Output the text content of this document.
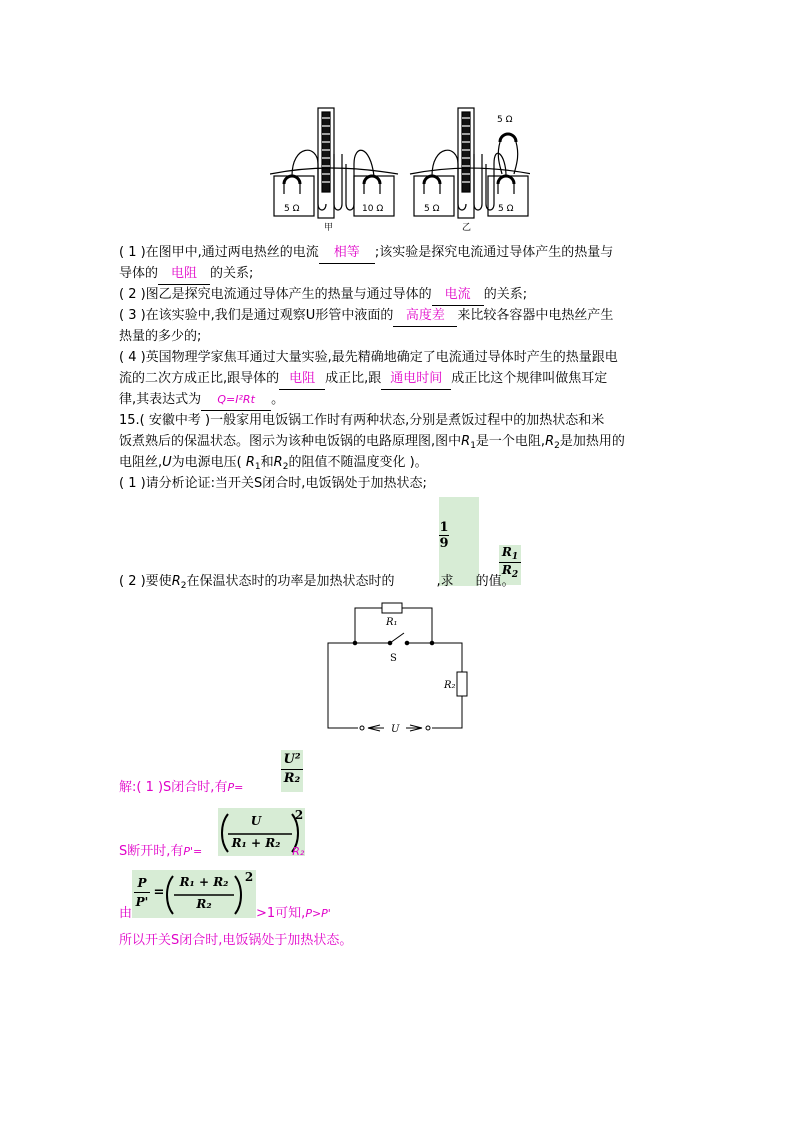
5 Ω	10 Ω
甲
5 Ω
5 Ω	5 Ω
乙
( 1 )在图甲中,通过两电热丝的电流 相等 ;该实验是探究电流通过导体产生的热量与
导体的 电阻 的关系;
( 2 )图乙是探究电流通过导体产生的热量与通过导体的 电流 的关系;
( 3 )在该实验中,我们是通过观察U形管中液面的 高度差 来比较各容器中电热丝产生
热量的多少的;
( 4 )英国物理学家焦耳通过大量实验,最先精确地确定了电流通过导体时产生的热量跟电
流的二次方成正比,跟导体的 电阻 成正比,跟 通电时间 成正比这个规律叫做焦耳定
律,其表达式为 Q=I²Rt 。
15.( 安徽中考 )一般家用电饭锅工作时有两种状态,分别是煮饭过程中的加热状态和米
饭煮熟后的保温状态。图示为该种电饭锅的电路原理图,图中$R_1$是一个电阻$,R_2$是加热用的
电阻丝,U为电源电压( $R_1$和$R_2$的阻值不随温度变化 )。
( 1 )请分析论证:当开关S闭合时,电饭锅处于加热状态;
$\frac{1}{9}$
$\frac{R_1}{R_2}$
( 2 )要使$R_2$在保温状态时的功率是加热状态时的	,求 的值。
R₁
S
R₂
U
$\frac{\text{U²}}{\text{R₂}}$
解:( 1 )S闭合时,有P=
U
R₁ + R₂
2
S断开时,有P'=	R₂
$\frac{P}{P'}$ =
R₁ + R₂
R₂
2
由	>1可知,P>P'
所以开关S闭合时,电饭锅处于加热状态。
